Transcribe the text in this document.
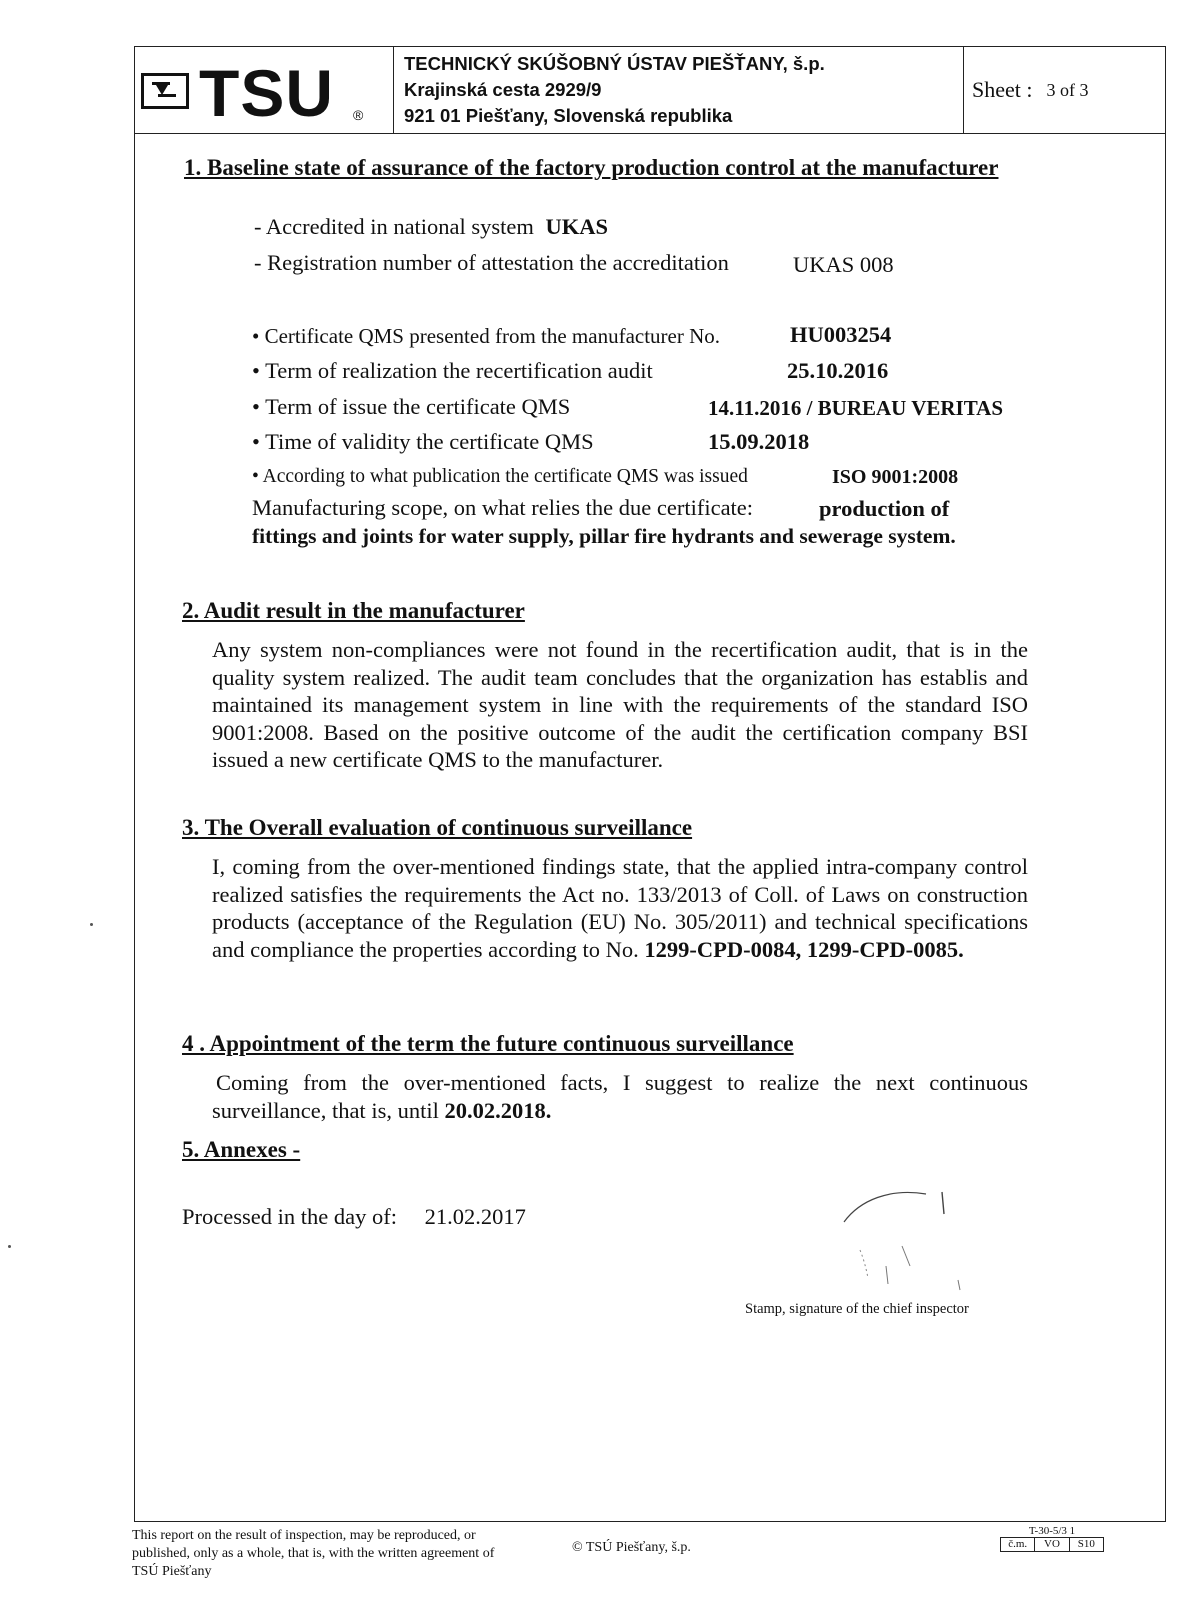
TSU ®
TECHNICKÝ SKÚŠOBNÝ ÚSTAV PIEŠŤANY, š.p.
Krajinská cesta 2929/9
921 01 Piešťany, Slovenská republika
Sheet : 3 of 3
1. Baseline state of assurance of the factory production control at the manufacturer
- Accredited in national system UKAS
- Registration number of attestation the accreditation	UKAS 008
• Certificate QMS presented from the manufacturer No.	HU003254
• Term of realization the recertification audit	25.10.2016
• Term of issue the certificate QMS	14.11.2016 / BUREAU VERITAS
• Time of validity the certificate QMS	15.09.2018
• According to what publication the certificate QMS was issued	ISO 9001:2008
Manufacturing scope, on what relies the due certificate:	production of
fittings and joints for water supply, pillar fire hydrants and sewerage system.
2. Audit result in the manufacturer
Any system non-compliances were not found in the recertification audit, that is in the quality system realized. The audit team concludes that the organization has establis and maintained its management system in line with the requirements of the standard ISO 9001:2008. Based on the positive outcome of the audit the certification company BSI issued a new certificate QMS to the manufacturer.
3. The Overall evaluation of continuous surveillance
I, coming from the over-mentioned findings state, that the applied intra-company control realized satisfies the requirements the Act no. 133/2013 of Coll. of Laws on construction products (acceptance of the Regulation (EU) No. 305/2011) and technical specifications and compliance the properties according to No. 1299-CPD-0084, 1299-CPD-0085.
4 . Appointment of the term the future continuous surveillance
Coming from the over-mentioned facts, I suggest to realize the next continuous surveillance, that is, until 20.02.2018.
5. Annexes -
Processed in the day of: 21.02.2017
Stamp, signature of the chief inspector
This report on the result of inspection, may be reproduced, or
published, only as a whole, that is, with the written agreement of
TSÚ Piešťany
© TSÚ Piešťany, š.p.
T-30-5/3 1
č.m.	VO	S10
